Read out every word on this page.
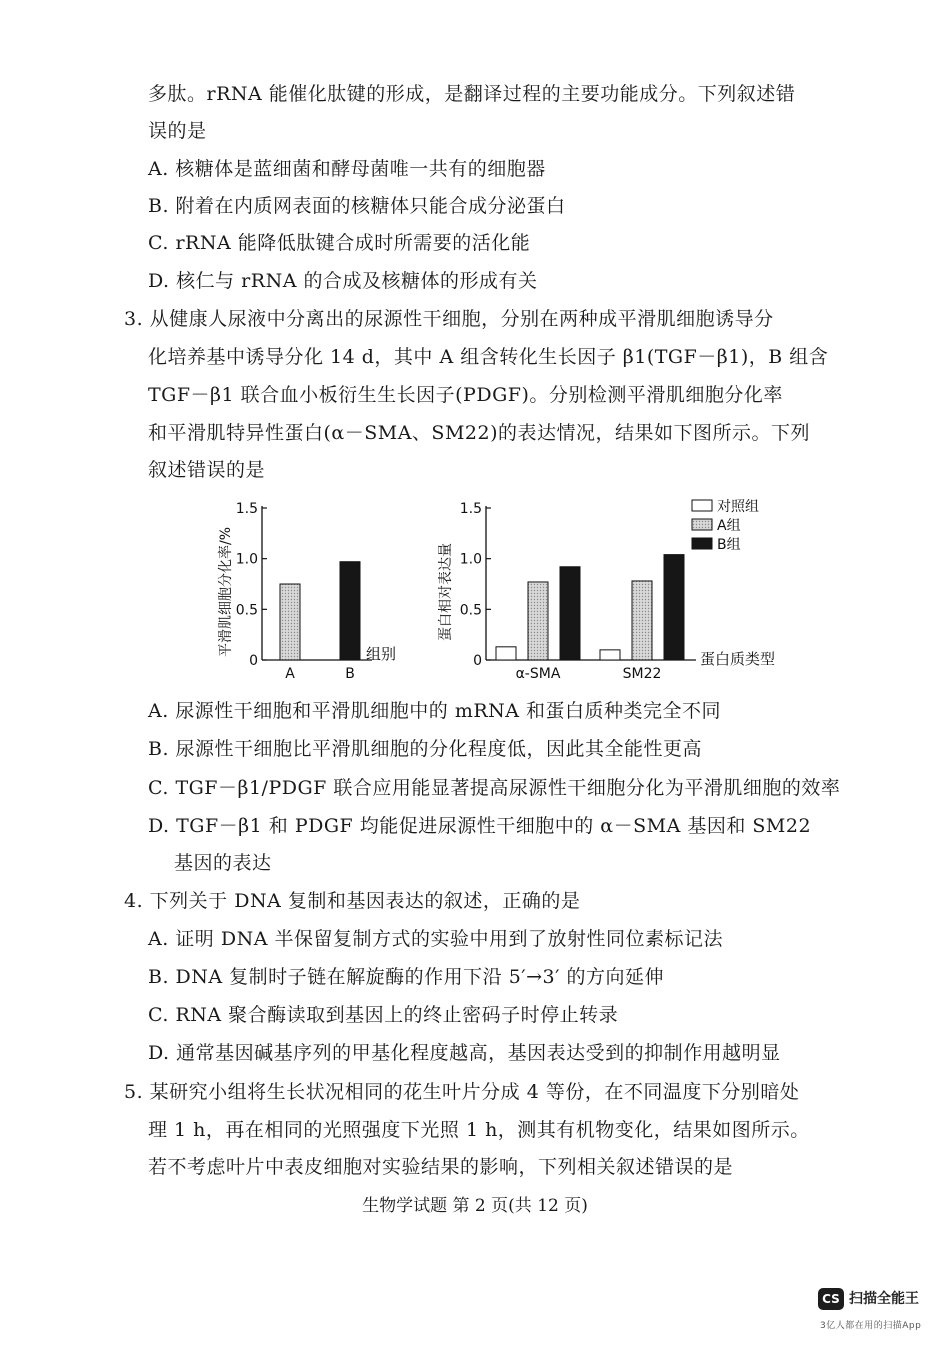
多肽。rRNA 能催化肽键的形成，是翻译过程的主要功能成分。下列叙述错
误的是
A. 核糖体是蓝细菌和酵母菌唯一共有的细胞器
B. 附着在内质网表面的核糖体只能合成分泌蛋白
C. rRNA 能降低肽键合成时所需要的活化能
D. 核仁与 rRNA 的合成及核糖体的形成有关
3. 从健康人尿液中分离出的尿源性干细胞，分别在两种成平滑肌细胞诱导分
化培养基中诱导分化 14 d，其中 A 组含转化生长因子 β1(TGF－β1)，B 组含
TGF－β1 联合血小板衍生生长因子(PDGF)。分别检测平滑肌细胞分化率
和平滑肌特异性蛋白(α－SMA、SM22)的表达情况，结果如下图所示。下列
叙述错误的是
0
0.5
1.0
1.5
平滑肌细胞分化率/%
A	B
组别	0
0.5
1.0
1.5
蛋白相对表达量
α-SMA	SM22
蛋白质类型
对照组
A组
B组
A. 尿源性干细胞和平滑肌细胞中的 mRNA 和蛋白质种类完全不同
B. 尿源性干细胞比平滑肌细胞的分化程度低，因此其全能性更高
C. TGF－β1/PDGF 联合应用能显著提高尿源性干细胞分化为平滑肌细胞的效率
D. TGF－β1 和 PDGF 均能促进尿源性干细胞中的 α－SMA 基因和 SM22
基因的表达
4. 下列关于 DNA 复制和基因表达的叙述，正确的是
A. 证明 DNA 半保留复制方式的实验中用到了放射性同位素标记法
B. DNA 复制时子链在解旋酶的作用下沿 5′→3′ 的方向延伸
C. RNA 聚合酶读取到基因上的终止密码子时停止转录
D. 通常基因碱基序列的甲基化程度越高，基因表达受到的抑制作用越明显
5. 某研究小组将生长状况相同的花生叶片分成 4 等份，在不同温度下分别暗处
理 1 h，再在相同的光照强度下光照 1 h，测其有机物变化，结果如图所示。
若不考虑叶片中表皮细胞对实验结果的影响，下列相关叙述错误的是
生物学试题 第 2 页(共 12 页)
CS 扫描全能王
3亿人都在用的扫描App
